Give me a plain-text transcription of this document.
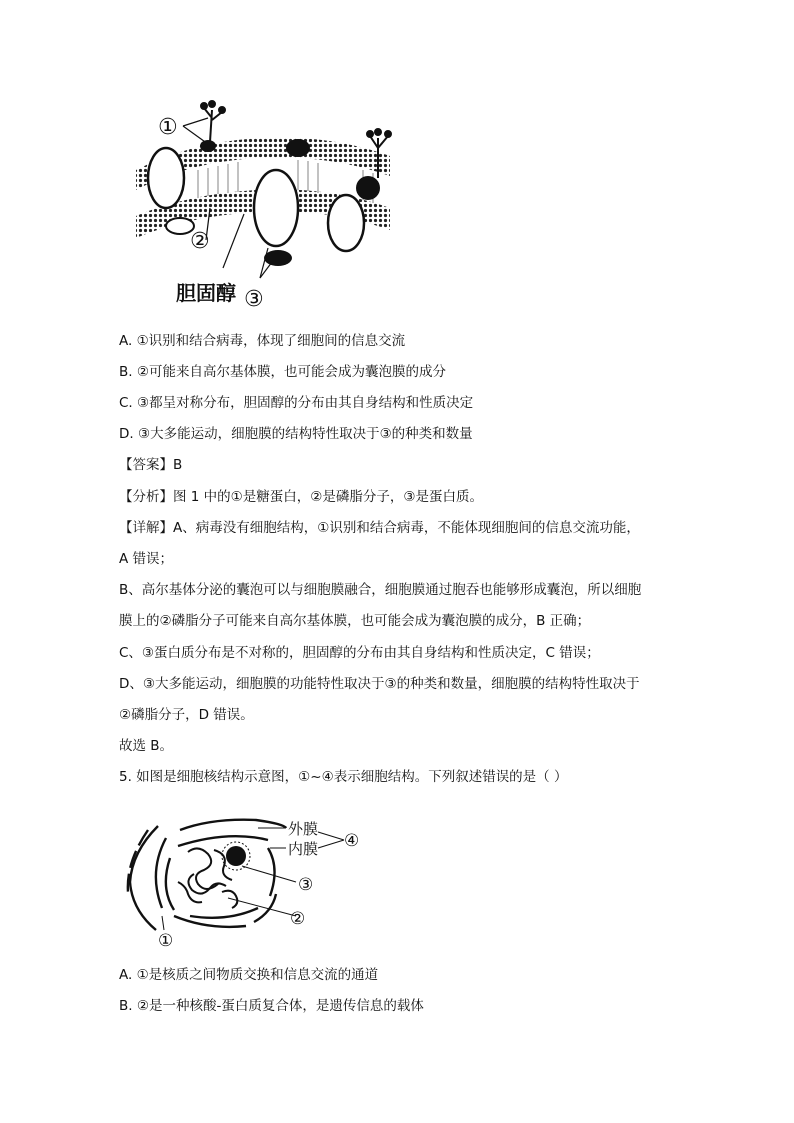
①
②
胆固醇 ③
A. ①识别和结合病毒，体现了细胞间的信息交流
B. ②可能来自高尔基体膜，也可能会成为囊泡膜的成分
C. ③都呈对称分布，胆固醇的分布由其自身结构和性质决定
D. ③大多能运动，细胞膜的结构特性取决于③的种类和数量
【答案】B
【分析】图 1 中的①是糖蛋白，②是磷脂分子，③是蛋白质。
【详解】A、病毒没有细胞结构，①识别和结合病毒，不能体现细胞间的信息交流功能，
A 错误；
B、高尔基体分泌的囊泡可以与细胞膜融合，细胞膜通过胞吞也能够形成囊泡，所以细胞
膜上的②磷脂分子可能来自高尔基体膜，也可能会成为囊泡膜的成分，B 正确；
C、③蛋白质分布是不对称的，胆固醇的分布由其自身结构和性质决定，C 错误；
D、③大多能运动，细胞膜的功能特性取决于③的种类和数量，细胞膜的结构特性取决于
②磷脂分子，D 错误。
故选 B。
5. 如图是细胞核结构示意图，①~④表示细胞结构。下列叙述错误的是（ ）
外膜
内膜 ④
③
②
①
A. ①是核质之间物质交换和信息交流的通道
B. ②是一种核酸-蛋白质复合体，是遗传信息的载体
